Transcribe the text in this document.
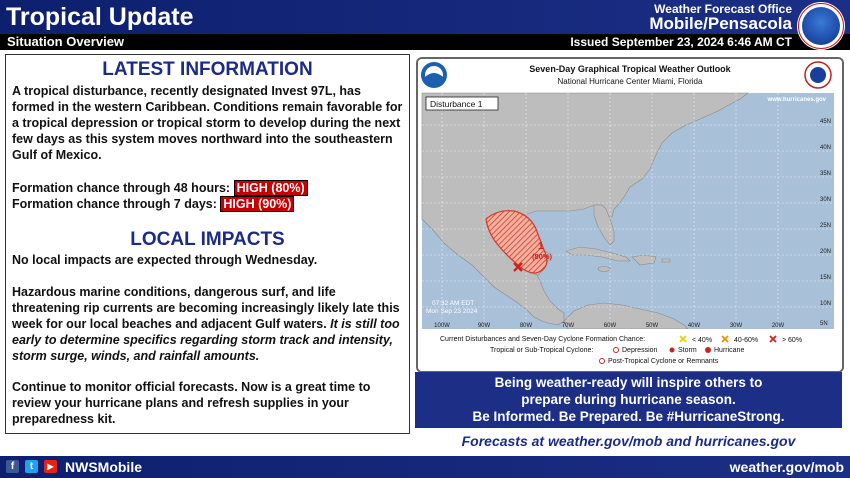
Tropical Update	Weather Forecast Office
Mobile/Pensacola
Situation Overview	Issued September 23, 2024 6:46 AM CT
LATEST INFORMATION
A tropical disturbance, recently designated Invest 97L, has formed in the western Caribbean. Conditions remain favorable for a tropical depression or tropical storm to develop during the next few days as this system moves northward into the southeastern Gulf of Mexico.
Formation chance through 48 hours: HIGH (80%)
Formation chance through 7 days: HIGH (90%)
LOCAL IMPACTS
No local impacts are expected through Wednesday.
Hazardous marine conditions, dangerous surf, and life threatening rip currents are becoming increasingly likely late this week for our local beaches and adjacent Gulf waters. It is still too early to determine specifics regarding storm track and intensity, storm surge, winds, and rainfall amounts.
Continue to monitor official forecasts. Now is a great time to review your hurricane plans and refresh supplies in your preparedness kit.
Seven-Day Graphical Tropical Weather Outlook
National Hurricane Center Miami, Florida
45N
40N
35N
30N
25N
20N
15N
10N
5N
100W	90W	80W	70W	60W	50W	40W	30W	20W
www.hurricanes.gov
Disturbance 1
1
(80%)
07:32 AM EDT
Mon Sep 23 2024
Current Disturbances and Seven-Day Cyclone Formation Chance:	< 40%	40-60%	> 60%
Tropical or Sub-Tropical Cyclone:	Depression	Storm Hurricane
Post-Tropical Cyclone or Remnants
Being weather-ready will inspire others to
prepare during hurricane season.
Be Informed. Be Prepared. Be #HurricaneStrong.
Forecasts at weather.gov/mob and hurricanes.gov
f	t	▶ NWSMobile	weather.gov/mob
